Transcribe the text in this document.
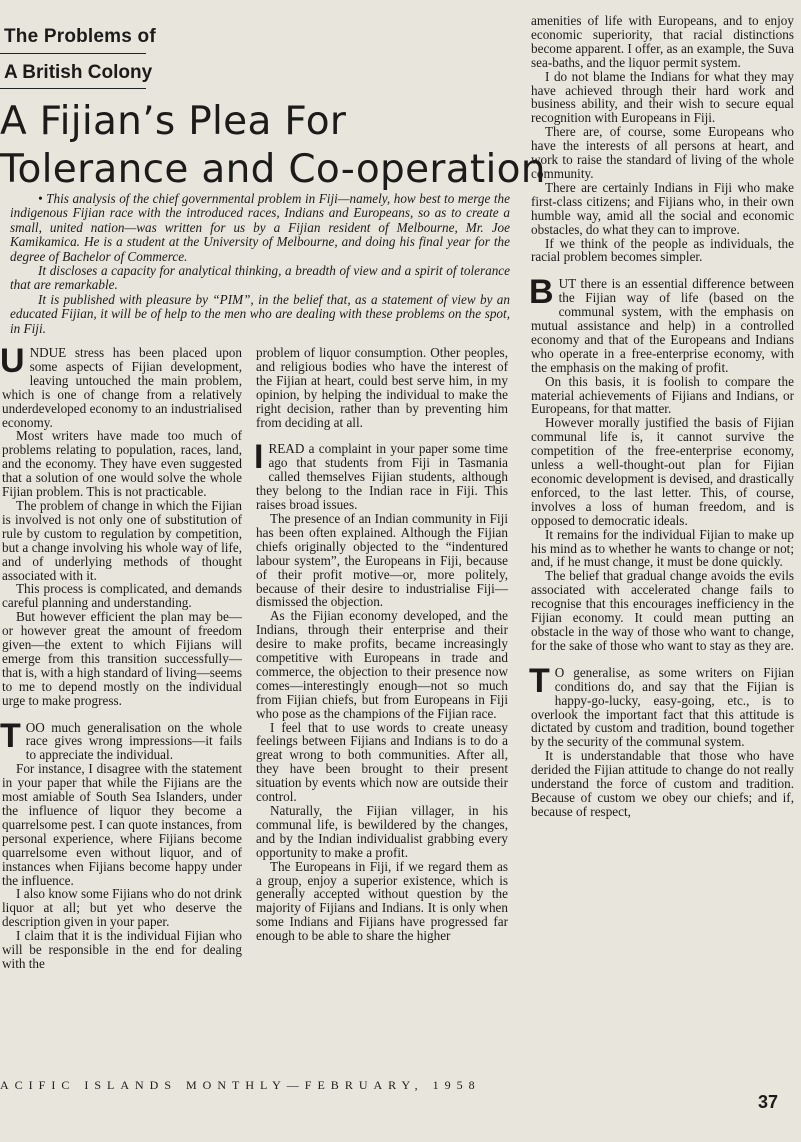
The Problems of
A British Colony
A Fijian’s Plea For
Tolerance and Co-operation

• This analysis of the chief governmental problem in Fiji—namely, how best to merge the indigenous Fijian race with the introduced races, Indians and Europeans, so as to create a small, united nation—was written for us by a Fijian resident of Melbourne, Mr. Joe Kamikamica. He is a student at the University of Melbourne, and doing his final year for the degree of Bachelor of Commerce.

It discloses a capacity for analytical thinking, a breadth of view and a spirit of tolerance that are remarkable.

It is published with pleasure by “PIM”, in the belief that, as a statement of view by an educated Fijian, it will be of help to the men who are dealing with these problems on the spot, in Fiji.

UNDUE stress has been placed upon some aspects of Fijian development, leaving untouched the main problem, which is one of change from a relatively underdeveloped economy to an industrialised economy.

Most writers have made too much of problems relating to population, races, land, and the economy. They have even suggested that a solution of one would solve the whole Fijian problem. This is not practicable.

The problem of change in which the Fijian is involved is not only one of substitution of rule by custom to regulation by competition, but a change involving his whole way of life, and of underlying methods of thought associated with it.

This process is complicated, and demands careful planning and understanding.

But however efficient the plan may be—or however great the amount of freedom given—the extent to which Fijians will emerge from this transition successfully—that is, with a high standard of living—seems to me to depend mostly on the individual urge to make progress.

TOO much generalisation on the whole race gives wrong impressions—it fails to appreciate the individual.

For instance, I disagree with the statement in your paper that while the Fijians are the most amiable of South Sea Islanders, under the influence of liquor they become a quarrelsome pest. I can quote instances, from personal experience, where Fijians become quarrelsome even without liquor, and of instances when Fijians become happy under the influence.

I also know some Fijians who do not drink liquor at all; but yet who deserve the description given in your paper.

I claim that it is the individual Fijian who will be responsible in the end for dealing with the

problem of liquor consumption. Other peoples, and religious bodies who have the interest of the Fijian at heart, could best serve him, in my opinion, by helping the individual to make the right decision, rather than by preventing him from deciding at all.

IREAD a complaint in your paper some time ago that students from Fiji in Tasmania called themselves Fijian students, although they belong to the Indian race in Fiji. This raises broad issues.

The presence of an Indian community in Fiji has been often explained. Although the Fijian chiefs originally objected to the “indentured labour system”, the Europeans in Fiji, because of their profit motive—or, more politely, because of their desire to industrialise Fiji—dismissed the objection.

As the Fijian economy developed, and the Indians, through their enterprise and their desire to make profits, became increasingly competitive with Europeans in trade and commerce, the objection to their presence now comes—interestingly enough—not so much from Fijian chiefs, but from Europeans in Fiji who pose as the champions of the Fijian race.

I feel that to use words to create uneasy feelings between Fijians and Indians is to do a great wrong to both communities. After all, they have been brought to their present situation by events which now are outside their control.

Naturally, the Fijian villager, in his communal life, is bewildered by the changes, and by the Indian individualist grabbing every opportunity to make a profit.

The Europeans in Fiji, if we regard them as a group, enjoy a superior existence, which is generally accepted without question by the majority of Fijians and Indians. It is only when some Indians and Fijians have progressed far enough to be able to share the higher

amenities of life with Europeans, and to enjoy economic superiority, that racial distinctions become apparent. I offer, as an example, the Suva sea-baths, and the liquor permit system.

I do not blame the Indians for what they may have achieved through their hard work and business ability, and their wish to secure equal recognition with Europeans in Fiji.

There are, of course, some Europeans who have the interests of all persons at heart, and work to raise the standard of living of the whole community.

There are certainly Indians in Fiji who make first-class citizens; and Fijians who, in their own humble way, amid all the social and economic obstacles, do what they can to improve.

If we think of the people as individuals, the racial problem becomes simpler.

BUT there is an essential difference between the Fijian way of life (based on the communal system, with the emphasis on mutual assistance and help) in a controlled economy and that of the Europeans and Indians who operate in a free-enterprise economy, with the emphasis on the making of profit.

On this basis, it is foolish to compare the material achievements of Fijians and Indians, or Europeans, for that matter.

However morally justified the basis of Fijian communal life is, it cannot survive the competition of the free-enterprise economy, unless a well-thought-out plan for Fijian economic development is devised, and drastically enforced, to the last letter. This, of course, involves a loss of human freedom, and is opposed to democratic ideals.

It remains for the individual Fijian to make up his mind as to whether he wants to change or not; and, if he must change, it must be done quickly.

The belief that gradual change avoids the evils associated with accelerated change fails to recognise that this encourages inefficiency in the Fijian economy. It could mean putting an obstacle in the way of those who want to change, for the sake of those who want to stay as they are.

T O generalise, as some writers on Fijian conditions do, and say that the Fijian is happy-go-lucky, easy-going, etc., is to overlook the important fact that this attitude is dictated by custom and tradition, bound together by the security of the communal system.

It is understandable that those who have derided the Fijian attitude to change do not really understand the force of custom and tradition. Because of custom we obey our chiefs; and if, because of respect,

ACIFIC ISLANDS MONTHLY—FEBRUARY, 1958
37
